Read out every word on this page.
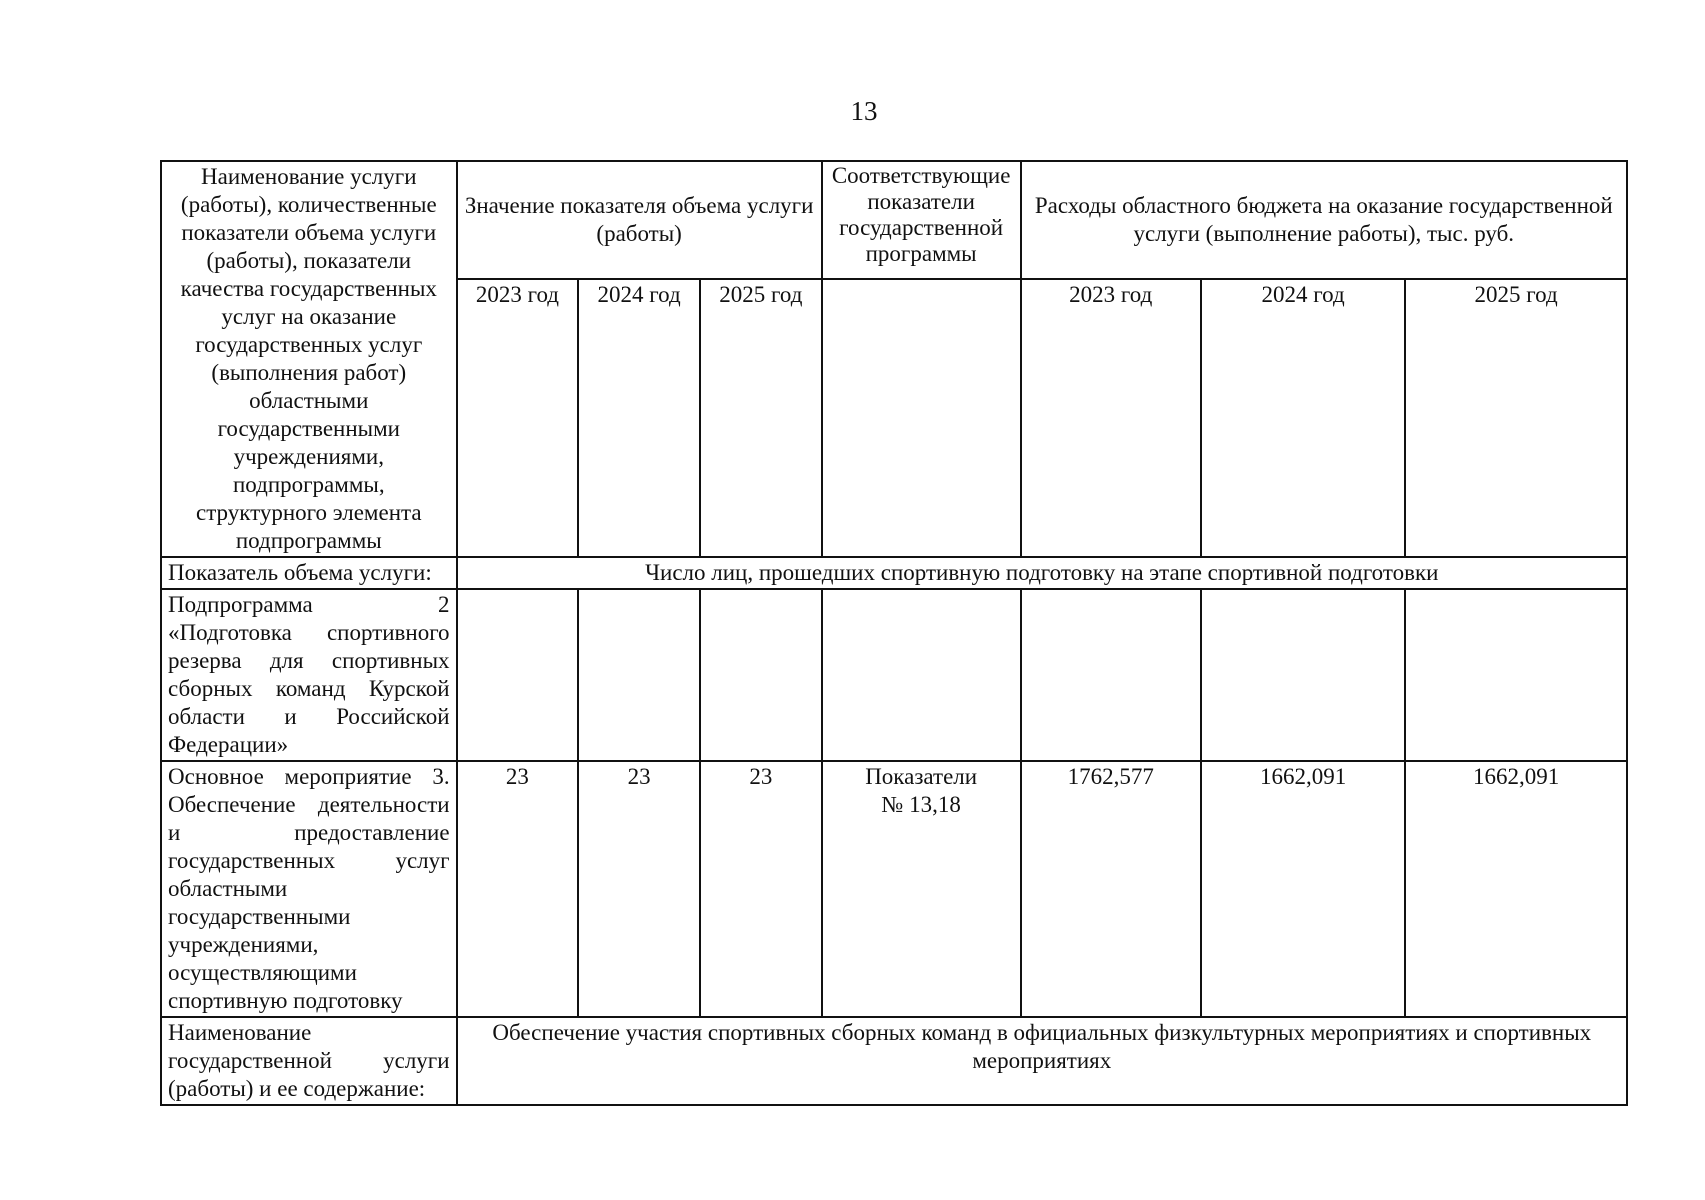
13
Наименование услуги (работы), количественные показатели объема услуги (работы), показатели качества государственных услуг на оказание государственных услуг (выполнения работ) областными государственными учреждениями, подпрограммы, структурного элемента подпрограммы	Значение показателя объема услуги (работы)			Соответствующие показатели государственной программы	Расходы областного бюджета на оказание государственной услуги (выполнение работы), тыс. руб.		
	2023 год	2024 год	2025 год		2023 год	2024 год	2025 год
Показатель объема услуги:	Число лиц, прошедших спортивную подготовку на этапе спортивной подготовки						
Подпрограмма 2 «Подготовка спортивного резерва для спортивных сборных команд Курской области и Российской Федерации»							
Основное мероприятие 3. Обеспечение деятельности и предоставление государственных услуг областными государственными учреждениями, осуществляющими спортивную подготовку	23	23	23	Показатели № 13,18	1762,577	1662,091	1662,091
Наименование государственной услуги (работы) и ее содержание:	Обеспечение участия спортивных сборных команд в официальных физкультурных мероприятиях и спортивных мероприятиях						
